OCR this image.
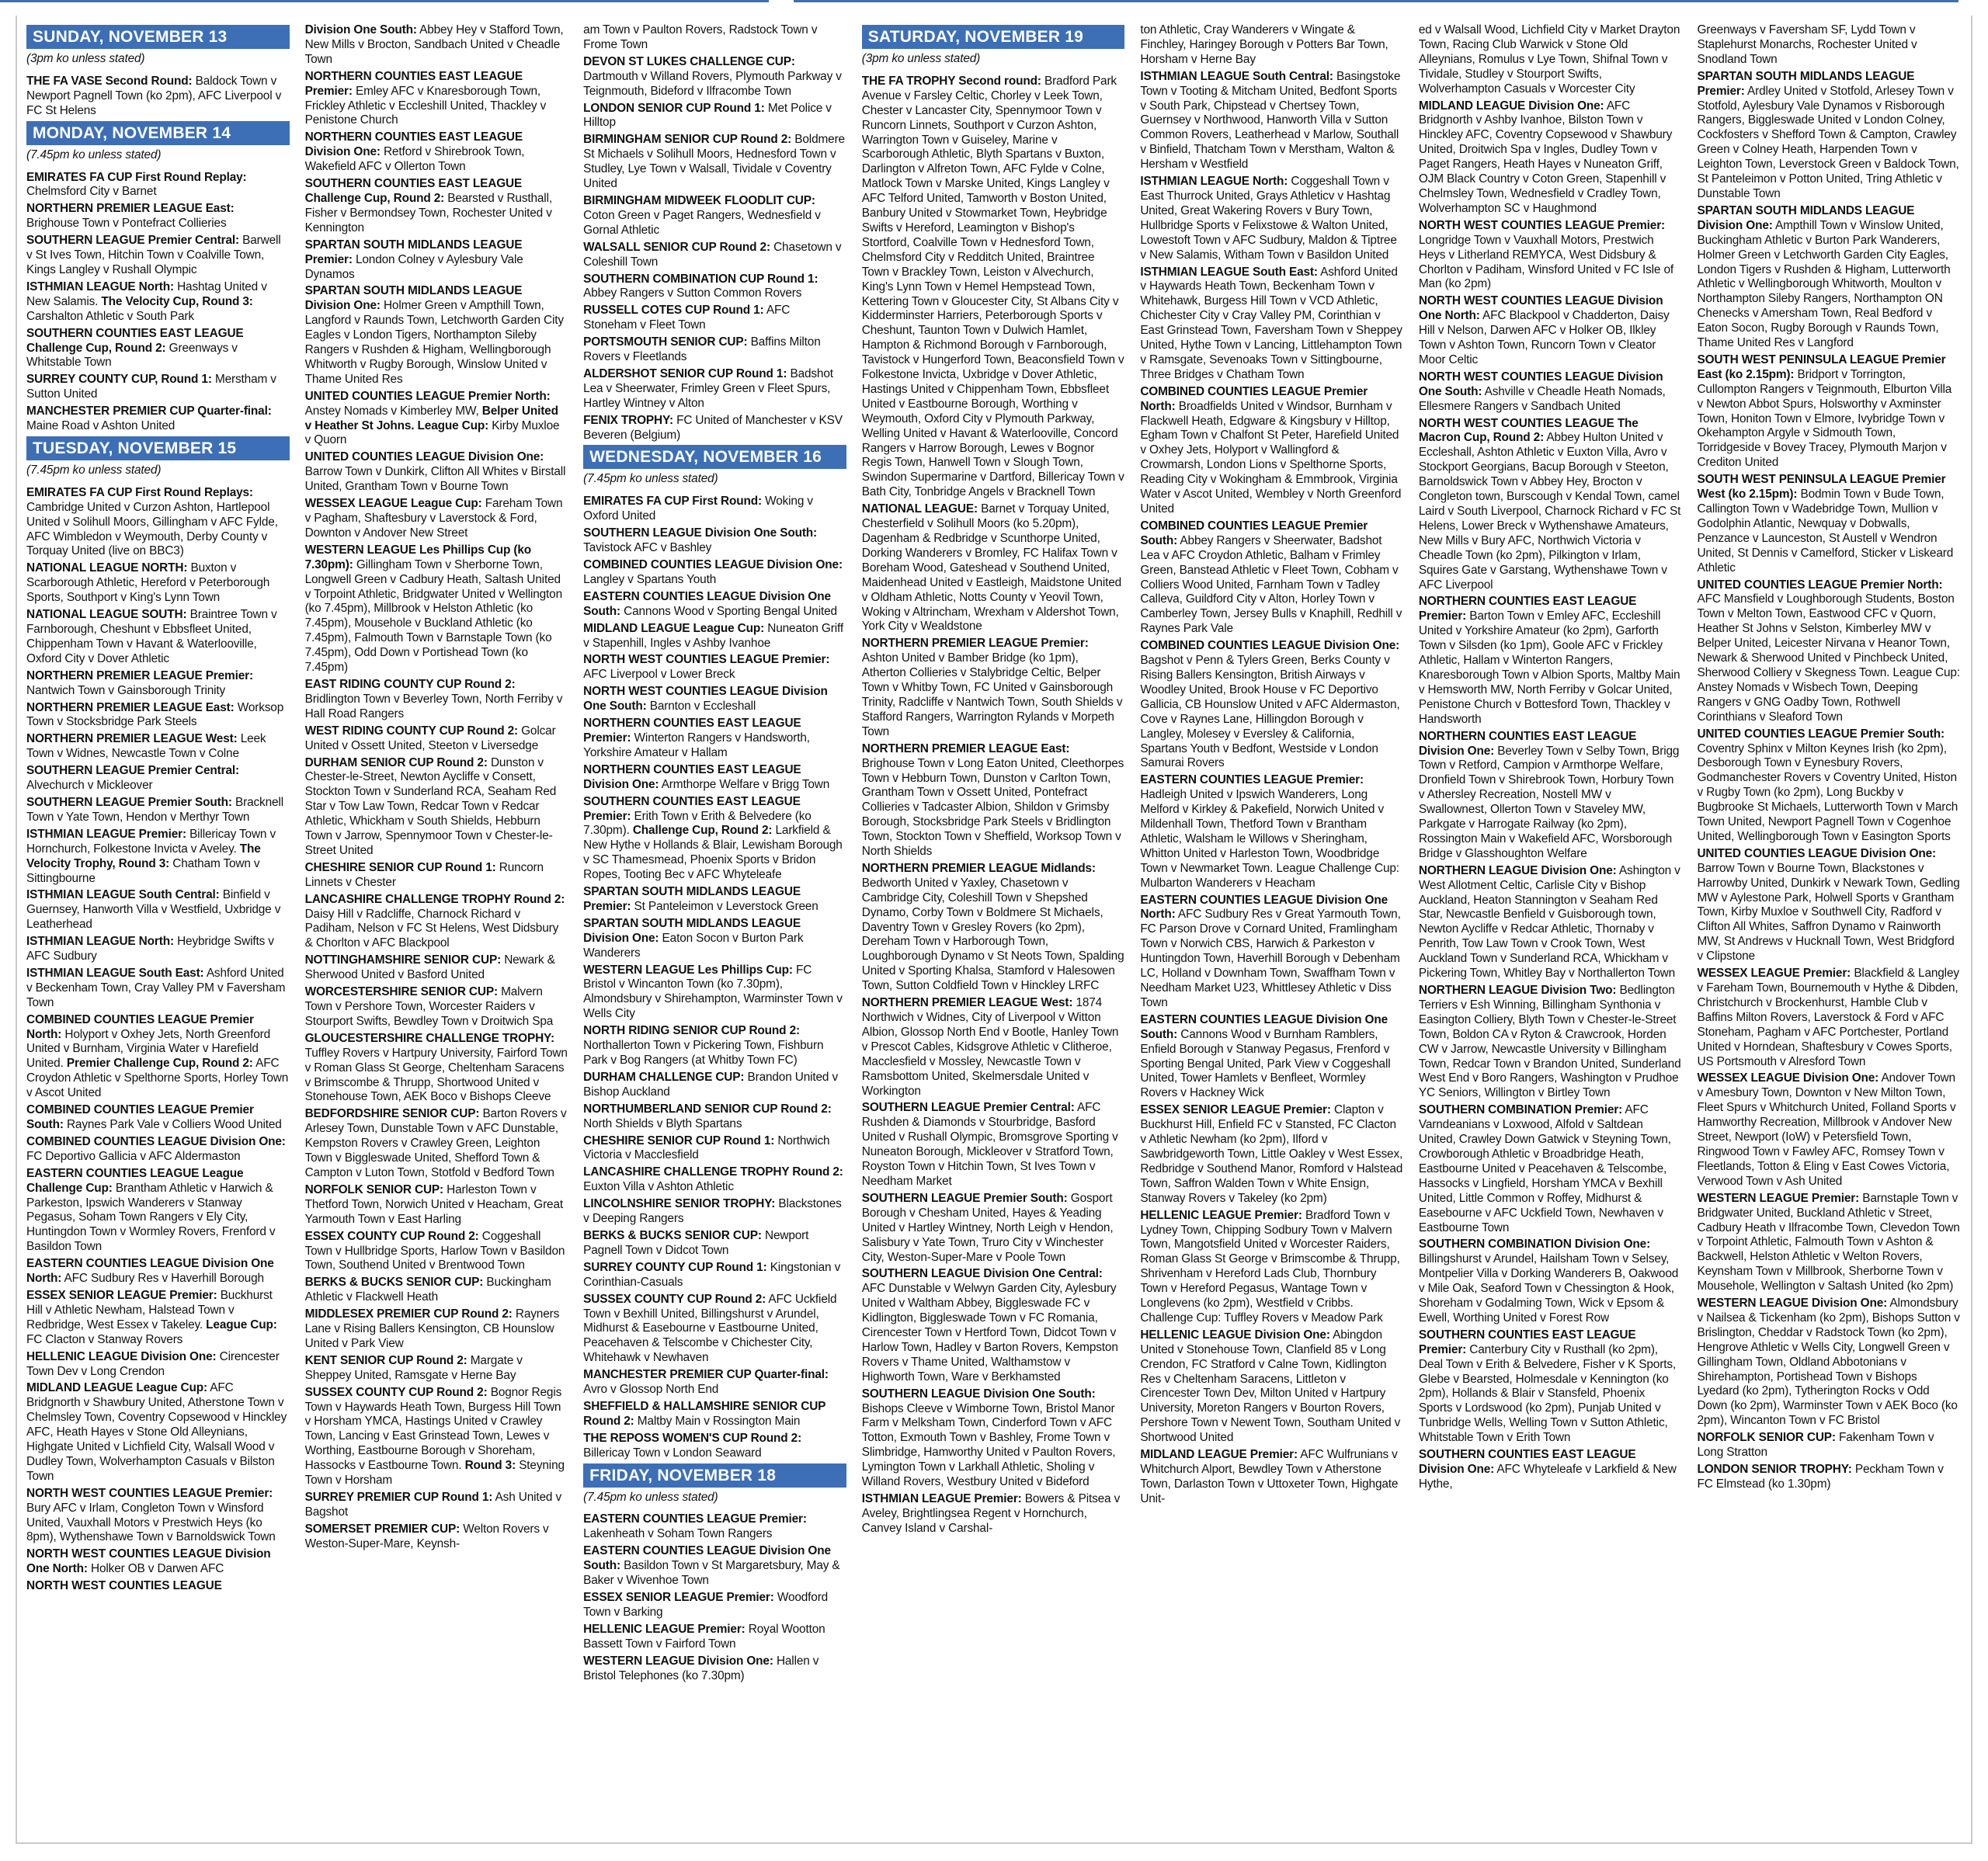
SUNDAY, NOVEMBER 13
(3pm ko unless stated)
THE FA VASE Second Round: Baldock Town v Newport Pagnell Town (ko 2pm), AFC Liverpool v FC St Helens
MONDAY, NOVEMBER 14
(7.45pm ko unless stated)
EMIRATES FA CUP First Round Replay: Chelmsford City v Barnet
NORTHERN PREMIER LEAGUE East: Brighouse Town v Pontefract Collieries
SOUTHERN LEAGUE Premier Central: Barwell v St Ives Town, Hitchin Town v Coalville Town, Kings Langley v Rushall Olympic
ISTHMIAN LEAGUE North: Hashtag United v New Salamis. The Velocity Cup, Round 3: Carshalton Athletic v South Park
SOUTHERN COUNTIES EAST LEAGUE Challenge Cup, Round 2: Greenways v Whitstable Town
SURREY COUNTY CUP, Round 1: Merstham v Sutton United
MANCHESTER PREMIER CUP Quarter-final: Maine Road v Ashton United
TUESDAY, NOVEMBER 15
(7.45pm ko unless stated)
EMIRATES FA CUP First Round Replays: Cambridge United v Curzon Ashton, Hartlepool United v Solihull Moors, Gillingham v AFC Fylde, AFC Wimbledon v Weymouth, Derby County v Torquay United (live on BBC3)
NATIONAL LEAGUE NORTH: Buxton v Scarborough Athletic, Hereford v Peterborough Sports, Southport v King's Lynn Town
NATIONAL LEAGUE SOUTH: Braintree Town v Farnborough, Cheshunt v Ebbsfleet United, Chippenham Town v Havant & Waterlooville, Oxford City v Dover Athletic
NORTHERN PREMIER LEAGUE Premier: Nantwich Town v Gainsborough Trinity
NORTHERN PREMIER LEAGUE East: Worksop Town v Stocksbridge Park Steels
NORTHERN PREMIER LEAGUE West: Leek Town v Widnes, Newcastle Town v Colne
SOUTHERN LEAGUE Premier Central: Alvechurch v Mickleover
SOUTHERN LEAGUE Premier South: Bracknell Town v Yate Town, Hendon v Merthyr Town
ISTHMIAN LEAGUE Premier: Billericay Town v Hornchurch, Folkestone Invicta v Aveley. The Velocity Trophy, Round 3: Chatham Town v Sittingbourne
ISTHMIAN LEAGUE South Central: Binfield v Guernsey, Hanworth Villa v Westfield, Uxbridge v Leatherhead
ISTHMIAN LEAGUE North: Heybridge Swifts v AFC Sudbury
ISTHMIAN LEAGUE South East: Ashford United v Beckenham Town, Cray Valley PM v Faversham Town
COMBINED COUNTIES LEAGUE Premier North: Holyport v Oxhey Jets, North Greenford United v Burnham, Virginia Water v Harefield United. Premier Challenge Cup, Round 2: AFC Croydon Athletic v Spelthorne Sports, Horley Town v Ascot United
COMBINED COUNTIES LEAGUE Premier South: Raynes Park Vale v Colliers Wood United
COMBINED COUNTIES LEAGUE Division One: FC Deportivo Gallicia v AFC Aldermaston
EASTERN COUNTIES LEAGUE League Challenge Cup: Brantham Athletic v Harwich & Parkeston, Ipswich Wanderers v Stanway Pegasus, Soham Town Rangers v Ely City, Huntingdon Town v Wormley Rovers, Frenford v Basildon Town
EASTERN COUNTIES LEAGUE Division One North: AFC Sudbury Res v Haverhill Borough
ESSEX SENIOR LEAGUE Premier: Buckhurst Hill v Athletic Newham, Halstead Town v Redbridge, West Essex v Takeley. League Cup: FC Clacton v Stanway Rovers
HELLENIC LEAGUE Division One: Cirencester Town Dev v Long Crendon
MIDLAND LEAGUE League Cup: AFC Bridgnorth v Shawbury United, Atherstone Town v Chelmsley Town, Coventry Copsewood v Hinckley AFC, Heath Hayes v Stone Old Alleynians, Highgate United v Lichfield City, Walsall Wood v Dudley Town, Wolverhampton Casuals v Bilston Town
NORTH WEST COUNTIES LEAGUE Premier: Bury AFC v Irlam, Congleton Town v Winsford United, Vauxhall Motors v Prestwich Heys (ko 8pm), Wythenshawe Town v Barnoldswick Town
NORTH WEST COUNTIES LEAGUE Division One North: Holker OB v Darwen AFC
NORTH WEST COUNTIES LEAGUE
Division One South: Abbey Hey v Stafford Town, New Mills v Brocton, Sandbach United v Cheadle Town
NORTHERN COUNTIES EAST LEAGUE Premier: Emley AFC v Knaresborough Town, Frickley Athletic v Eccleshill United, Thackley v Penistone Church
NORTHERN COUNTIES EAST LEAGUE Division One: Retford v Shirebrook Town, Wakefield AFC v Ollerton Town
SOUTHERN COUNTIES EAST LEAGUE Challenge Cup, Round 2: Bearsted v Rusthall, Fisher v Bermondsey Town, Rochester United v Kennington
SPARTAN SOUTH MIDLANDS LEAGUE Premier: London Colney v Aylesbury Vale Dynamos
SPARTAN SOUTH MIDLANDS LEAGUE Division One: Holmer Green v Ampthill Town, Langford v Raunds Town, Letchworth Garden City Eagles v London Tigers, Northampton Sileby Rangers v Rushden & Higham, Wellingborough Whitworth v Rugby Borough, Winslow United v Thame United Res
UNITED COUNTIES LEAGUE Premier North: Anstey Nomads v Kimberley MW, Belper United v Heather St Johns. League Cup: Kirby Muxloe v Quorn
UNITED COUNTIES LEAGUE Division One: Barrow Town v Dunkirk, Clifton All Whites v Birstall United, Grantham Town v Bourne Town
WESSEX LEAGUE League Cup: Fareham Town v Pagham, Shaftesbury v Laverstock & Ford, Downton v Andover New Street
WESTERN LEAGUE Les Phillips Cup (ko 7.30pm): Gillingham Town v Sherborne Town, Longwell Green v Cadbury Heath, Saltash United v Torpoint Athletic, Bridgwater United v Wellington (ko 7.45pm), Millbrook v Helston Athletic (ko 7.45pm), Mousehole v Buckland Athletic (ko 7.45pm), Falmouth Town v Barnstaple Town (ko 7.45pm), Odd Down v Portishead Town (ko 7.45pm)
EAST RIDING COUNTY CUP Round 2: Bridlington Town v Beverley Town, North Ferriby v Hall Road Rangers
WEST RIDING COUNTY CUP Round 2: Golcar United v Ossett United, Steeton v Liversedge
DURHAM SENIOR CUP Round 2: Dunston v Chester-le-Street, Newton Aycliffe v Consett, Stockton Town v Sunderland RCA, Seaham Red Star v Tow Law Town, Redcar Town v Redcar Athletic, Whickham v South Shields, Hebburn Town v Jarrow, Spennymoor Town v Chester-le-Street United
CHESHIRE SENIOR CUP Round 1: Runcorn Linnets v Chester
LANCASHIRE CHALLENGE TROPHY Round 2: Daisy Hill v Radcliffe, Charnock Richard v Padiham, Nelson v FC St Helens, West Didsbury & Chorlton v AFC Blackpool
NOTTINGHAMSHIRE SENIOR CUP: Newark & Sherwood United v Basford United
WORCESTERSHIRE SENIOR CUP: Malvern Town v Pershore Town, Worcester Raiders v Stourport Swifts, Bewdley Town v Droitwich Spa
GLOUCESTERSHIRE CHALLENGE TROPHY: Tuffley Rovers v Hartpury University, Fairford Town v Roman Glass St George, Cheltenham Saracens v Brimscombe & Thrupp, Shortwood United v Stonehouse Town, AEK Boco v Bishops Cleeve
BEDFORDSHIRE SENIOR CUP: Barton Rovers v Arlesey Town, Dunstable Town v AFC Dunstable, Kempston Rovers v Crawley Green, Leighton Town v Biggleswade United, Shefford Town & Campton v Luton Town, Stotfold v Bedford Town
NORFOLK SENIOR CUP: Harleston Town v Thetford Town, Norwich United v Heacham, Great Yarmouth Town v East Harling
ESSEX COUNTY CUP Round 2: Coggeshall Town v Hullbridge Sports, Harlow Town v Basildon Town, Southend United v Brentwood Town
BERKS & BUCKS SENIOR CUP: Buckingham Athletic v Flackwell Heath
MIDDLESEX PREMIER CUP Round 2: Rayners Lane v Rising Ballers Kensington, CB Hounslow United v Park View
KENT SENIOR CUP Round 2: Margate v Sheppey United, Ramsgate v Herne Bay
SUSSEX COUNTY CUP Round 2: Bognor Regis Town v Haywards Heath Town, Burgess Hill Town v Horsham YMCA, Hastings United v Crawley Town, Lancing v East Grinstead Town, Lewes v Worthing, Eastbourne Borough v Shoreham, Hassocks v Eastbourne Town. Round 3: Steyning Town v Horsham
SURREY PREMIER CUP Round 1: Ash United v Bagshot
SOMERSET PREMIER CUP: Welton Rovers v Weston-Super-Mare, Keynsh-
am Town v Paulton Rovers, Radstock Town v Frome Town
DEVON ST LUKES CHALLENGE CUP: Dartmouth v Willand Rovers, Plymouth Parkway v Teignmouth, Bideford v Ilfracombe Town
LONDON SENIOR CUP Round 1: Met Police v Hilltop
BIRMINGHAM SENIOR CUP Round 2: Boldmere St Michaels v Solihull Moors, Hednesford Town v Studley, Lye Town v Walsall, Tividale v Coventry United
BIRMINGHAM MIDWEEK FLOODLIT CUP: Coton Green v Paget Rangers, Wednesfield v Gornal Athletic
WALSALL SENIOR CUP Round 2: Chasetown v Coleshill Town
SOUTHERN COMBINATION CUP Round 1: Abbey Rangers v Sutton Common Rovers
RUSSELL COTES CUP Round 1: AFC Stoneham v Fleet Town
PORTSMOUTH SENIOR CUP: Baffins Milton Rovers v Fleetlands
ALDERSHOT SENIOR CUP Round 1: Badshot Lea v Sheerwater, Frimley Green v Fleet Spurs, Hartley Wintney v Alton
FENIX TROPHY: FC United of Manchester v KSV Beveren (Belgium)
WEDNESDAY, NOVEMBER 16
(7.45pm ko unless stated)
EMIRATES FA CUP First Round: Woking v Oxford United
SOUTHERN LEAGUE Division One South: Tavistock AFC v Bashley
COMBINED COUNTIES LEAGUE Division One: Langley v Spartans Youth
EASTERN COUNTIES LEAGUE Division One South: Cannons Wood v Sporting Bengal United
MIDLAND LEAGUE League Cup: Nuneaton Griff v Stapenhill, Ingles v Ashby Ivanhoe
NORTH WEST COUNTIES LEAGUE Premier: AFC Liverpool v Lower Breck
NORTH WEST COUNTIES LEAGUE Division One South: Barnton v Eccleshall
NORTHERN COUNTIES EAST LEAGUE Premier: Winterton Rangers v Handsworth, Yorkshire Amateur v Hallam
NORTHERN COUNTIES EAST LEAGUE Division One: Armthorpe Welfare v Brigg Town
SOUTHERN COUNTIES EAST LEAGUE Premier: Erith Town v Erith & Belvedere (ko 7.30pm). Challenge Cup, Round 2: Larkfield & New Hythe v Hollands & Blair, Lewisham Borough v SC Thamesmead, Phoenix Sports v Bridon Ropes, Tooting Bec v AFC Whyteleafe
SPARTAN SOUTH MIDLANDS LEAGUE Premier: St Panteleimon v Leverstock Green
SPARTAN SOUTH MIDLANDS LEAGUE Division One: Eaton Socon v Burton Park Wanderers
WESTERN LEAGUE Les Phillips Cup: FC Bristol v Wincanton Town (ko 7.30pm), Almondsbury v Shirehampton, Warminster Town v Wells City
NORTH RIDING SENIOR CUP Round 2: Northallerton Town v Pickering Town, Fishburn Park v Bog Rangers (at Whitby Town FC)
DURHAM CHALLENGE CUP: Brandon United v Bishop Auckland
NORTHUMBERLAND SENIOR CUP Round 2: North Shields v Blyth Spartans
CHESHIRE SENIOR CUP Round 1: Northwich Victoria v Macclesfield
LANCASHIRE CHALLENGE TROPHY Round 2: Euxton Villa v Ashton Athletic
LINCOLNSHIRE SENIOR TROPHY: Blackstones v Deeping Rangers
BERKS & BUCKS SENIOR CUP: Newport Pagnell Town v Didcot Town
SURREY COUNTY CUP Round 1: Kingstonian v Corinthian-Casuals
SUSSEX COUNTY CUP Round 2: AFC Uckfield Town v Bexhill United, Billingshurst v Arundel, Midhurst & Easebourne v Eastbourne United, Peacehaven & Telscombe v Chichester City, Whitehawk v Newhaven
MANCHESTER PREMIER CUP Quarter-final: Avro v Glossop North End
SHEFFIELD & HALLAMSHIRE SENIOR CUP Round 2: Maltby Main v Rossington Main
THE REPOSS WOMEN'S CUP Round 2: Billericay Town v London Seaward
FRIDAY, NOVEMBER 18
(7.45pm ko unless stated)
EASTERN COUNTIES LEAGUE Premier: Lakenheath v Soham Town Rangers
EASTERN COUNTIES LEAGUE Division One South: Basildon Town v St Margaretsbury, May & Baker v Wivenhoe Town
ESSEX SENIOR LEAGUE Premier: Woodford Town v Barking
HELLENIC LEAGUE Premier: Royal Wootton Bassett Town v Fairford Town
WESTERN LEAGUE Division One: Hallen v Bristol Telephones (ko 7.30pm)
SATURDAY, NOVEMBER 19
(3pm ko unless stated)
THE FA TROPHY Second round: Bradford Park Avenue v Farsley Celtic, Chorley v Leek Town, Chester v Lancaster City, Spennymoor Town v Runcorn Linnets, Southport v Curzon Ashton, Warrington Town v Guiseley, Marine v Scarborough Athletic, Blyth Spartans v Buxton, Darlington v Alfreton Town, AFC Fylde v Colne, Matlock Town v Marske United, Kings Langley v AFC Telford United, Tamworth v Boston United, Banbury United v Stowmarket Town, Heybridge Swifts v Hereford, Leamington v Bishop's Stortford, Coalville Town v Hednesford Town, Chelmsford City v Redditch United, Braintree Town v Brackley Town, Leiston v Alvechurch, King's Lynn Town v Hemel Hempstead Town, Kettering Town v Gloucester City, St Albans City v Kidderminster Harriers, Peterborough Sports v Cheshunt, Taunton Town v Dulwich Hamlet, Hampton & Richmond Borough v Farnborough, Tavistock v Hungerford Town, Beaconsfield Town v Folkestone Invicta, Uxbridge v Dover Athletic, Hastings United v Chippenham Town, Ebbsfleet United v Eastbourne Borough, Worthing v Weymouth, Oxford City v Plymouth Parkway, Welling United v Havant & Waterlooville, Concord Rangers v Harrow Borough, Lewes v Bognor Regis Town, Hanwell Town v Slough Town, Swindon Supermarine v Dartford, Billericay Town v Bath City, Tonbridge Angels v Bracknell Town
NATIONAL LEAGUE: Barnet v Torquay United, Chesterfield v Solihull Moors (ko 5.20pm), Dagenham & Redbridge v Scunthorpe United, Dorking Wanderers v Bromley, FC Halifax Town v Boreham Wood, Gateshead v Southend United, Maidenhead United v Eastleigh, Maidstone United v Oldham Athletic, Notts County v Yeovil Town, Woking v Altrincham, Wrexham v Aldershot Town, York City v Wealdstone
NORTHERN PREMIER LEAGUE Premier: Ashton United v Bamber Bridge (ko 1pm), Atherton Collieries v Stalybridge Celtic, Belper Town v Whitby Town, FC United v Gainsborough Trinity, Radcliffe v Nantwich Town, South Shields v Stafford Rangers, Warrington Rylands v Morpeth Town
NORTHERN PREMIER LEAGUE East: Brighouse Town v Long Eaton United, Cleethorpes Town v Hebburn Town, Dunston v Carlton Town, Grantham Town v Ossett United, Pontefract Collieries v Tadcaster Albion, Shildon v Grimsby Borough, Stocksbridge Park Steels v Bridlington Town, Stockton Town v Sheffield, Worksop Town v North Shields
NORTHERN PREMIER LEAGUE Midlands: Bedworth United v Yaxley, Chasetown v Cambridge City, Coleshill Town v Shepshed Dynamo, Corby Town v Boldmere St Michaels, Daventry Town v Gresley Rovers (ko 2pm), Dereham Town v Harborough Town, Loughborough Dynamo v St Neots Town, Spalding United v Sporting Khalsa, Stamford v Halesowen Town, Sutton Coldfield Town v Hinckley LRFC
NORTHERN PREMIER LEAGUE West: 1874 Northwich v Widnes, City of Liverpool v Witton Albion, Glossop North End v Bootle, Hanley Town v Prescot Cables, Kidsgrove Athletic v Clitheroe, Macclesfield v Mossley, Newcastle Town v Ramsbottom United, Skelmersdale United v Workington
SOUTHERN LEAGUE Premier Central: AFC Rushden & Diamonds v Stourbridge, Basford United v Rushall Olympic, Bromsgrove Sporting v Nuneaton Borough, Mickleover v Stratford Town, Royston Town v Hitchin Town, St Ives Town v Needham Market
SOUTHERN LEAGUE Premier South: Gosport Borough v Chesham United, Hayes & Yeading United v Hartley Wintney, North Leigh v Hendon, Salisbury v Yate Town, Truro City v Winchester City, Weston-Super-Mare v Poole Town
SOUTHERN LEAGUE Division One Central: AFC Dunstable v Welwyn Garden City, Aylesbury United v Waltham Abbey, Biggleswade FC v Kidlington, Biggleswade Town v FC Romania, Cirencester Town v Hertford Town, Didcot Town v Harlow Town, Hadley v Barton Rovers, Kempston Rovers v Thame United, Walthamstow v Highworth Town, Ware v Berkhamsted
SOUTHERN LEAGUE Division One South: Bishops Cleeve v Wimborne Town, Bristol Manor Farm v Melksham Town, Cinderford Town v AFC Totton, Exmouth Town v Bashley, Frome Town v Slimbridge, Hamworthy United v Paulton Rovers, Lymington Town v Larkhall Athletic, Sholing v Willand Rovers, Westbury United v Bideford
ISTHMIAN LEAGUE Premier: Bowers & Pitsea v Aveley, Brightlingsea Regent v Hornchurch, Canvey Island v Carshal-
ton Athletic, Cray Wanderers v Wingate & Finchley, Haringey Borough v Potters Bar Town, Horsham v Herne Bay
ISTHMIAN LEAGUE South Central: Basingstoke Town v Tooting & Mitcham United, Bedfont Sports v South Park, Chipstead v Chertsey Town, Guernsey v Northwood, Hanworth Villa v Sutton Common Rovers, Leatherhead v Marlow, Southall v Binfield, Thatcham Town v Merstham, Walton & Hersham v Westfield
ISTHMIAN LEAGUE North: Coggeshall Town v East Thurrock United, Grays Athleticv v Hashtag United, Great Wakering Rovers v Bury Town, Hullbridge Sports v Felixstowe & Walton United, Lowestoft Town v AFC Sudbury, Maldon & Tiptree v New Salamis, Witham Town v Basildon United
ISTHMIAN LEAGUE South East: Ashford United v Haywards Heath Town, Beckenham Town v Whitehawk, Burgess Hill Town v VCD Athletic, Chichester City v Cray Valley PM, Corinthian v East Grinstead Town, Faversham Town v Sheppey United, Hythe Town v Lancing, Littlehampton Town v Ramsgate, Sevenoaks Town v Sittingbourne, Three Bridges v Chatham Town
COMBINED COUNTIES LEAGUE Premier North: Broadfields United v Windsor, Burnham v Flackwell Heath, Edgware & Kingsbury v Hilltop, Egham Town v Chalfont St Peter, Harefield United v Oxhey Jets, Holyport v Wallingford & Crowmarsh, London Lions v Spelthorne Sports, Reading City v Wokingham & Emmbrook, Virginia Water v Ascot United, Wembley v North Greenford United
COMBINED COUNTIES LEAGUE Premier South: Abbey Rangers v Sheerwater, Badshot Lea v AFC Croydon Athletic, Balham v Frimley Green, Banstead Athletic v Fleet Town, Cobham v Colliers Wood United, Farnham Town v Tadley Calleva, Guildford City v Alton, Horley Town v Camberley Town, Jersey Bulls v Knaphill, Redhill v Raynes Park Vale
COMBINED COUNTIES LEAGUE Division One: Bagshot v Penn & Tylers Green, Berks County v Rising Ballers Kensington, British Airways v Woodley United, Brook House v FC Deportivo Gallicia, CB Hounslow United v AFC Aldermaston, Cove v Raynes Lane, Hillingdon Borough v Langley, Molesey v Eversley & California, Spartans Youth v Bedfont, Westside v London Samurai Rovers
EASTERN COUNTIES LEAGUE Premier: Hadleigh United v Ipswich Wanderers, Long Melford v Kirkley & Pakefield, Norwich United v Mildenhall Town, Thetford Town v Brantham Athletic, Walsham le Willows v Sheringham, Whitton United v Harleston Town, Woodbridge Town v Newmarket Town. League Challenge Cup: Mulbarton Wanderers v Heacham
EASTERN COUNTIES LEAGUE Division One North: AFC Sudbury Res v Great Yarmouth Town, FC Parson Drove v Cornard United, Framlingham Town v Norwich CBS, Harwich & Parkeston v Huntingdon Town, Haverhill Borough v Debenham LC, Holland v Downham Town, Swaffham Town v Needham Market U23, Whittlesey Athletic v Diss Town
EASTERN COUNTIES LEAGUE Division One South: Cannons Wood v Burnham Ramblers, Enfield Borough v Stanway Pegasus, Frenford v Sporting Bengal United, Park View v Coggeshall United, Tower Hamlets v Benfleet, Wormley Rovers v Hackney Wick
ESSEX SENIOR LEAGUE Premier: Clapton v Buckhurst Hill, Enfield FC v Stansted, FC Clacton v Athletic Newham (ko 2pm), Ilford v Sawbridgeworth Town, Little Oakley v West Essex, Redbridge v Southend Manor, Romford v Halstead Town, Saffron Walden Town v White Ensign, Stanway Rovers v Takeley (ko 2pm)
HELLENIC LEAGUE Premier: Bradford Town v Lydney Town, Chipping Sodbury Town v Malvern Town, Mangotsfield United v Worcester Raiders, Roman Glass St George v Brimscombe & Thrupp, Shrivenham v Hereford Lads Club, Thornbury Town v Hereford Pegasus, Wantage Town v Longlevens (ko 2pm), Westfield v Cribbs. Challenge Cup: Tuffley Rovers v Meadow Park
HELLENIC LEAGUE Division One: Abingdon United v Stonehouse Town, Clanfield 85 v Long Crendon, FC Stratford v Calne Town, Kidlington Res v Cheltenham Saracens, Littleton v Cirencester Town Dev, Milton United v Hartpury University, Moreton Rangers v Bourton Rovers, Pershore Town v Newent Town, Southam United v Shortwood United
MIDLAND LEAGUE Premier: AFC Wulfrunians v Whitchurch Alport, Bewdley Town v Atherstone Town, Darlaston Town v Uttoxeter Town, Highgate Unit-
ed v Walsall Wood, Lichfield City v Market Drayton Town, Racing Club Warwick v Stone Old Alleynians, Romulus v Lye Town, Shifnal Town v Tividale, Studley v Stourport Swifts, Wolverhampton Casuals v Worcester City
MIDLAND LEAGUE Division One: AFC Bridgnorth v Ashby Ivanhoe, Bilston Town v Hinckley AFC, Coventry Copsewood v Shawbury United, Droitwich Spa v Ingles, Dudley Town v Paget Rangers, Heath Hayes v Nuneaton Griff, OJM Black Country v Coton Green, Stapenhill v Chelmsley Town, Wednesfield v Cradley Town, Wolverhampton SC v Haughmond
NORTH WEST COUNTIES LEAGUE Premier: Longridge Town v Vauxhall Motors, Prestwich Heys v Litherland REMYCA, West Didsbury & Chorlton v Padiham, Winsford United v FC Isle of Man (ko 2pm)
NORTH WEST COUNTIES LEAGUE Division One North: AFC Blackpool v Chadderton, Daisy Hill v Nelson, Darwen AFC v Holker OB, Ilkley Town v Ashton Town, Runcorn Town v Cleator Moor Celtic
NORTH WEST COUNTIES LEAGUE Division One South: Ashville v Cheadle Heath Nomads, Ellesmere Rangers v Sandbach United
NORTH WEST COUNTIES LEAGUE The Macron Cup, Round 2: Abbey Hulton United v Eccleshall, Ashton Athletic v Euxton Villa, Avro v Stockport Georgians, Bacup Borough v Steeton, Barnoldswick Town v Abbey Hey, Brocton v Congleton town, Burscough v Kendal Town, camel Laird v South Liverpool, Charnock Richard v FC St Helens, Lower Breck v Wythenshawe Amateurs, New Mills v Bury AFC, Northwich Victoria v Cheadle Town (ko 2pm), Pilkington v Irlam, Squires Gate v Garstang, Wythenshawe Town v AFC Liverpool
NORTHERN COUNTIES EAST LEAGUE Premier: Barton Town v Emley AFC, Eccleshill United v Yorkshire Amateur (ko 2pm), Garforth Town v Silsden (ko 1pm), Goole AFC v Frickley Athletic, Hallam v Winterton Rangers, Knaresborough Town v Albion Sports, Maltby Main v Hemsworth MW, North Ferriby v Golcar United, Penistone Church v Bottesford Town, Thackley v Handsworth
NORTHERN COUNTIES EAST LEAGUE Division One: Beverley Town v Selby Town, Brigg Town v Retford, Campion v Armthorpe Welfare, Dronfield Town v Shirebrook Town, Horbury Town v Athersley Recreation, Nostell MW v Swallownest, Ollerton Town v Staveley MW, Parkgate v Harrogate Railway (ko 2pm), Rossington Main v Wakefield AFC, Worsborough Bridge v Glasshoughton Welfare
NORTHERN LEAGUE Division One: Ashington v West Allotment Celtic, Carlisle City v Bishop Auckland, Heaton Stannington v Seaham Red Star, Newcastle Benfield v Guisborough town, Newton Aycliffe v Redcar Athletic, Thornaby v Penrith, Tow Law Town v Crook Town, West Auckland Town v Sunderland RCA, Whickham v Pickering Town, Whitley Bay v Northallerton Town
NORTHERN LEAGUE Division Two: Bedlington Terriers v Esh Winning, Billingham Synthonia v Easington Colliery, Blyth Town v Chester-le-Street Town, Boldon CA v Ryton & Crawcrook, Horden CW v Jarrow, Newcastle University v Billingham Town, Redcar Town v Brandon United, Sunderland West End v Boro Rangers, Washington v Prudhoe YC Seniors, Willington v Birtley Town
SOUTHERN COMBINATION Premier: AFC Varndeanians v Loxwood, Alfold v Saltdean United, Crawley Down Gatwick v Steyning Town, Crowborough Athletic v Broadbridge Heath, Eastbourne United v Peacehaven & Telscombe, Hassocks v Lingfield, Horsham YMCA v Bexhill United, Little Common v Roffey, Midhurst & Easebourne v AFC Uckfield Town, Newhaven v Eastbourne Town
SOUTHERN COMBINATION Division One: Billingshurst v Arundel, Hailsham Town v Selsey, Montpelier Villa v Dorking Wanderers B, Oakwood v Mile Oak, Seaford Town v Chessington & Hook, Shoreham v Godalming Town, Wick v Epsom & Ewell, Worthing United v Forest Row
SOUTHERN COUNTIES EAST LEAGUE Premier: Canterbury City v Rusthall (ko 2pm), Deal Town v Erith & Belvedere, Fisher v K Sports, Glebe v Bearsted, Holmesdale v Kennington (ko 2pm), Hollands & Blair v Stansfeld, Phoenix Sports v Lordswood (ko 2pm), Punjab United v Tunbridge Wells, Welling Town v Sutton Athletic, Whitstable Town v Erith Town
SOUTHERN COUNTIES EAST LEAGUE Division One: AFC Whyteleafe v Larkfield & New Hythe,
Greenways v Faversham SF, Lydd Town v Staplehurst Monarchs, Rochester United v Snodland Town
SPARTAN SOUTH MIDLANDS LEAGUE Premier: Ardley United v Stotfold, Arlesey Town v Stotfold, Aylesbury Vale Dynamos v Risborough Rangers, Biggleswade United v London Colney, Cockfosters v Shefford Town & Campton, Crawley Green v Colney Heath, Harpenden Town v Leighton Town, Leverstock Green v Baldock Town, St Panteleimon v Potton United, Tring Athletic v Dunstable Town
SPARTAN SOUTH MIDLANDS LEAGUE Division One: Ampthill Town v Winslow United, Buckingham Athletic v Burton Park Wanderers, Holmer Green v Letchworth Garden City Eagles, London Tigers v Rushden & Higham, Lutterworth Athletic v Wellingborough Whitworth, Moulton v Northampton Sileby Rangers, Northampton ON Chenecks v Amersham Town, Real Bedford v Eaton Socon, Rugby Borough v Raunds Town, Thame United Res v Langford
SOUTH WEST PENINSULA LEAGUE Premier East (ko 2.15pm): Bridport v Torrington, Cullompton Rangers v Teignmouth, Elburton Villa v Newton Abbot Spurs, Holsworthy v Axminster Town, Honiton Town v Elmore, Ivybridge Town v Okehampton Argyle v Sidmouth Town, Torridgeside v Bovey Tracey, Plymouth Marjon v Crediton United
SOUTH WEST PENINSULA LEAGUE Premier West (ko 2.15pm): Bodmin Town v Bude Town, Callington Town v Wadebridge Town, Mullion v Godolphin Atlantic, Newquay v Dobwalls, Penzance v Launceston, St Austell v Wendron United, St Dennis v Camelford, Sticker v Liskeard Athletic
UNITED COUNTIES LEAGUE Premier North: AFC Mansfield v Loughborough Students, Boston Town v Melton Town, Eastwood CFC v Quorn, Heather St Johns v Selston, Kimberley MW v Belper United, Leicester Nirvana v Heanor Town, Newark & Sherwood United v Pinchbeck United, Sherwood Colliery v Skegness Town. League Cup: Anstey Nomads v Wisbech Town, Deeping Rangers v GNG Oadby Town, Rothwell Corinthians v Sleaford Town
UNITED COUNTIES LEAGUE Premier South: Coventry Sphinx v Milton Keynes Irish (ko 2pm), Desborough Town v Eynesbury Rovers, Godmanchester Rovers v Coventry United, Histon v Rugby Town (ko 2pm), Long Buckby v Bugbrooke St Michaels, Lutterworth Town v March Town United, Newport Pagnell Town v Cogenhoe United, Wellingborough Town v Easington Sports
UNITED COUNTIES LEAGUE Division One: Barrow Town v Bourne Town, Blackstones v Harrowby United, Dunkirk v Newark Town, Gedling MW v Aylestone Park, Holwell Sports v Grantham Town, Kirby Muxloe v Southwell City, Radford v Clifton All Whites, Saffron Dynamo v Rainworth MW, St Andrews v Hucknall Town, West Bridgford v Clipstone
WESSEX LEAGUE Premier: Blackfield & Langley v Fareham Town, Bournemouth v Hythe & Dibden, Christchurch v Brockenhurst, Hamble Club v Baffins Milton Rovers, Laverstock & Ford v AFC Stoneham, Pagham v AFC Portchester, Portland United v Horndean, Shaftesbury v Cowes Sports, US Portsmouth v Alresford Town
WESSEX LEAGUE Division One: Andover Town v Amesbury Town, Downton v New Milton Town, Fleet Spurs v Whitchurch United, Folland Sports v Hamworthy Recreation, Millbrook v Andover New Street, Newport (IoW) v Petersfield Town, Ringwood Town v Fawley AFC, Romsey Town v Fleetlands, Totton & Eling v East Cowes Victoria, Verwood Town v Ash United
WESTERN LEAGUE Premier: Barnstaple Town v Bridgwater United, Buckland Athletic v Street, Cadbury Heath v Ilfracombe Town, Clevedon Town v Torpoint Athletic, Falmouth Town v Ashton & Backwell, Helston Athletic v Welton Rovers, Keynsham Town v Millbrook, Sherborne Town v Mousehole, Wellington v Saltash United (ko 2pm)
WESTERN LEAGUE Division One: Almondsbury v Nailsea & Tickenham (ko 2pm), Bishops Sutton v Brislington, Cheddar v Radstock Town (ko 2pm), Hengrove Athletic v Wells City, Longwell Green v Gillingham Town, Oldland Abbotonians v Shirehampton, Portishead Town v Bishops Lyedard (ko 2pm), Tytherington Rocks v Odd Down (ko 2pm), Warminster Town v AEK Boco (ko 2pm), Wincanton Town v FC Bristol
NORFOLK SENIOR CUP: Fakenham Town v Long Stratton
LONDON SENIOR TROPHY: Peckham Town v FC Elmstead (ko 1.30pm)
